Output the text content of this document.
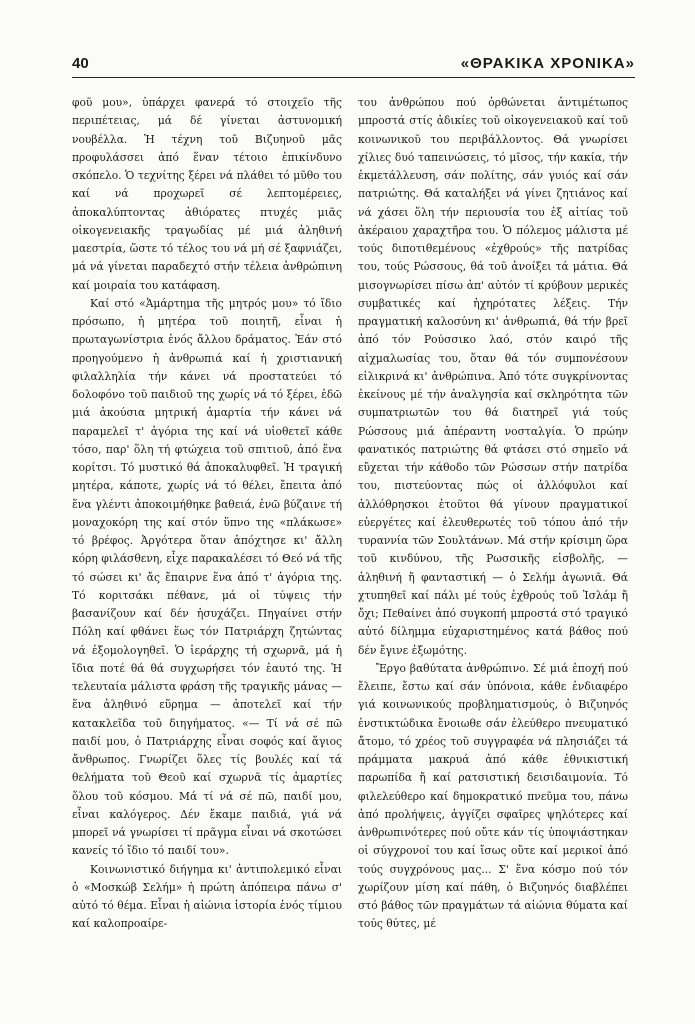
40	«ΘΡΑΚΙΚΑ ΧΡΟΝΙΚΑ»

φοῦ μου», ὑπάρχει φανερά τό στοιχεῖο τῆς περιπέτειας, μά δέ γίνεται ἀστυνομική νουβέλλα. Ἡ τέχνη τοῦ Βιζυηνοῦ μᾶς προφυλάσσει ἀπό ἕναν τέτοιο ἐπικίνδυνο σκόπελο. Ὁ τεχνίτης ξέρει νά πλάθει τό μῦθο του καί νά προχωρεῖ σέ λεπτομέρειες, ἀποκαλύπτοντας ἀθιόρατες πτυχές μιᾶς οἰκογενειακῆς τραγωδίας μέ μιά ἀληθινή μαεστρία, ὥστε τό τέλος του νά μή σέ ξαφνιάζει, μά νά γίνεται παραδεχτό στήν τέλεια ἀνθρώπινη καί μοιραία του κατάφαση.

Καί στό «Ἁμάρτημα τῆς μητρός μου» τό ἴδιο πρόσωπο, ἡ μητέρα τοῦ ποιητῆ, εἶναι ἡ πρωταγωνίστρια ἑνός ἄλλου δράματος. Ἐάν στό προηγούμενο ἡ ἀνθρωπιά καί ἡ χριστιανική φιλαλληλία τήν κάνει νά προστατεύει τό δολοφόνο τοῦ παιδιοῦ της χωρίς νά τό ξέρει, ἐδῶ μιά ἀκούσια μητρική ἁμαρτία τήν κάνει νά παραμελεῖ τ' ἀγόρια της καί νά υἱοθετεῖ κάθε τόσο, παρ' ὅλη τή φτώχεια τοῦ σπιτιοῦ, ἀπό ἕνα κορίτσι. Τό μυστικό θά ἀποκαλυφθεῖ. Ἡ τραγική μητέρα, κάποτε, χωρίς νά τό θέλει, ἔπειτα ἀπό ἕνα γλέντι ἀποκοιμήθηκε βαθειά, ἐνῶ βύζαινε τή μοναχοκόρη της καί στόν ὕπνο της «πλάκωσε» τό βρέφος. Ἀργότερα ὅταν ἀπόχτησε κι' ἄλλη κόρη φιλάσθενη, εἶχε παρακαλέσει τό Θεό νά τῆς τό σώσει κι' ἄς ἔπαιρνε ἕνα ἀπό τ' ἀγόρια της. Τό κοριτσάκι πέθανε, μά οἱ τύψεις τήν βασανίζουν καί δέν ἡσυχάζει. Πηγαίνει στήν Πόλη καί φθάνει ἕως τόν Πατριάρχη ζητώντας νά ἐξομολογηθεῖ. Ὁ ἱεράρχης τή σχωρνᾶ, μά ἡ ἴδια ποτέ θά θά συγχωρήσει τόν ἑαυτό της. Ἡ τελευταία μάλιστα φράση τῆς τραγικῆς μάνας — ἕνα ἀληθινό εὕρημα — ἀποτελεῖ καί τήν κατακλεῖδα τοῦ διηγήματος. «— Τί νά σέ πῶ παιδί μου, ὁ Πατριάρχης εἶναι σοφός καί ἅγιος ἄνθρωπος. Γνωρίζει ὅλες τίς βουλές καί τά θελήματα τοῦ Θεοῦ καί σχωρνᾶ τίς ἁμαρτίες ὅλου τοῦ κόσμου. Μά τί νά σέ πῶ, παιδί μου, εἶναι καλόγερος. Δέν ἔκαμε παιδιά, γιά νά μπορεῖ νά γνωρίσει τί πρᾶγμα εἶναι νά σκοτώσει κανείς τό ἴδιο τό παιδί του».

Κοινωνιστικό διήγημα κι' ἀντιπολεμικό εἶναι ὁ «Μοσκώβ Σελήμ» ἡ πρώτη ἀπόπειρα πάνω σ' αὐτό τό θέμα. Εἶναι ἡ αἰώνια ἱστορία ἑνός τίμιου καί καλοπροαίρε-

του ἀνθρώπου πού ὀρθώνεται ἀντιμέτωπος μπροστά στίς ἀδικίες τοῦ οἰκογενειακοῦ καί τοῦ κοινωνικοῦ του περιβάλλοντος. Θά γνωρίσει χίλιες δυό ταπεινώσεις, τό μῖσος, τήν κακία, τήν ἐκμετάλλευση, σάν πολίτης, σάν γυιός καί σάν πατριώτης. Θά καταλήξει νά γίνει ζητιάνος καί νά χάσει ὅλη τήν περιουσία του ἐξ αἰτίας τοῦ ἀκέραιου χαραχτῆρα του. Ὁ πόλεμος μάλιστα μέ τούς διποτιθεμένους «ἐχθρούς» τῆς πατρίδας του, τούς Ρώσσους, θά τοῦ ἀνοίξει τά μάτια. Θά μισογνωρίσει πίσω ἀπ' αὐτόν τί κρύβουν μερικές συμβατικές καί ἡχηρότατες λέξεις. Τήν πραγματική καλοσύνη κι' ἀνθρωπιά, θά τήν βρεῖ ἀπό τόν Ρούσσικο λαό, στόν καιρό τῆς αἰχμαλωσίας του, ὅταν θά τόν συμπονέσουν εἰλικρινά κι' ἀνθρώπινα. Ἀπό τότε συγκρίνοντας ἐκείνους μέ τήν ἀναλγησία καί σκληρότητα τῶν συμπατριωτῶν του θά διατηρεῖ γιά τούς Ρώσσους μιά ἀπέραντη νοσταλγία. Ὁ πρώην φανατικός πατριώτης θά φτάσει στό σημεῖο νά εὔχεται τήν κάθοδο τῶν Ρώσσων στήν πατρίδα του, πιστεύοντας πώς οἱ ἀλλόφυλοι καί ἀλλόθρησκοι ἐτοῦτοι θά γίνουν πραγματικοί εὐεργέτες καί ἐλευθερωτές τοῦ τόπου ἀπό τήν τυραννία τῶν Σουλτάνων. Μά στήν κρίσιμη ὥρα τοῦ κινδύνου, τῆς Ρωσσικῆς εἰσβολῆς, — ἀληθινή ἤ φανταστική — ὁ Σελήμ ἀγωνιᾶ. Θά χτυπηθεῖ καί πάλι μέ τούς ἐχθρούς τοῦ Ἰσλάμ ἤ ὄχι; Πεθαίνει ἀπό συγκοπή μπροστά στό τραγικό αὐτό δίλημμα εὐχαριστημένος κατά βάθος πού δέν ἔγινε ἐξωμότης.

Ἔργο βαθύτατα ἀνθρώπινο. Σέ μιά ἐποχή πού ἔλειπε, ἔστω καί σάν ὑπόνοια, κάθε ἐνδιαφέρο γιά κοινωνικούς προβληματισμούς, ὁ Βιζυηνός ἐνστικτώδικα ἔνοιωθε σάν ἐλεύθερο πνευματικό ἄτομο, τό χρέος τοῦ συγγραφέα νά πλησιάζει τά πράμματα μακρυά ἀπό κάθε ἐθνικιστική παρωπίδα ἤ καί ρατσιστική δεισιδαιμονία. Τό φιλελεύθερο καί δημοκρατικό πνεῦμα του, πάνω ἀπό προλήψεις, ἀγγίζει σφαῖρες ψηλότερες καί ἀνθρωπινότερες πού οὔτε κάν τίς ὑποψιάστηκαν οἱ σύγχρονοί του καί ἴσως οὔτε καί μερικοί ἀπό τούς συγχρόνους μας... Σ' ἕνα κόσμο πού τόν χωρίζουν μίση καί πάθη, ὁ Βιζυηνός διαβλέπει στό βάθος τῶν πραγμάτων τά αἰώνια θύματα καί τούς θύτες, μέ
